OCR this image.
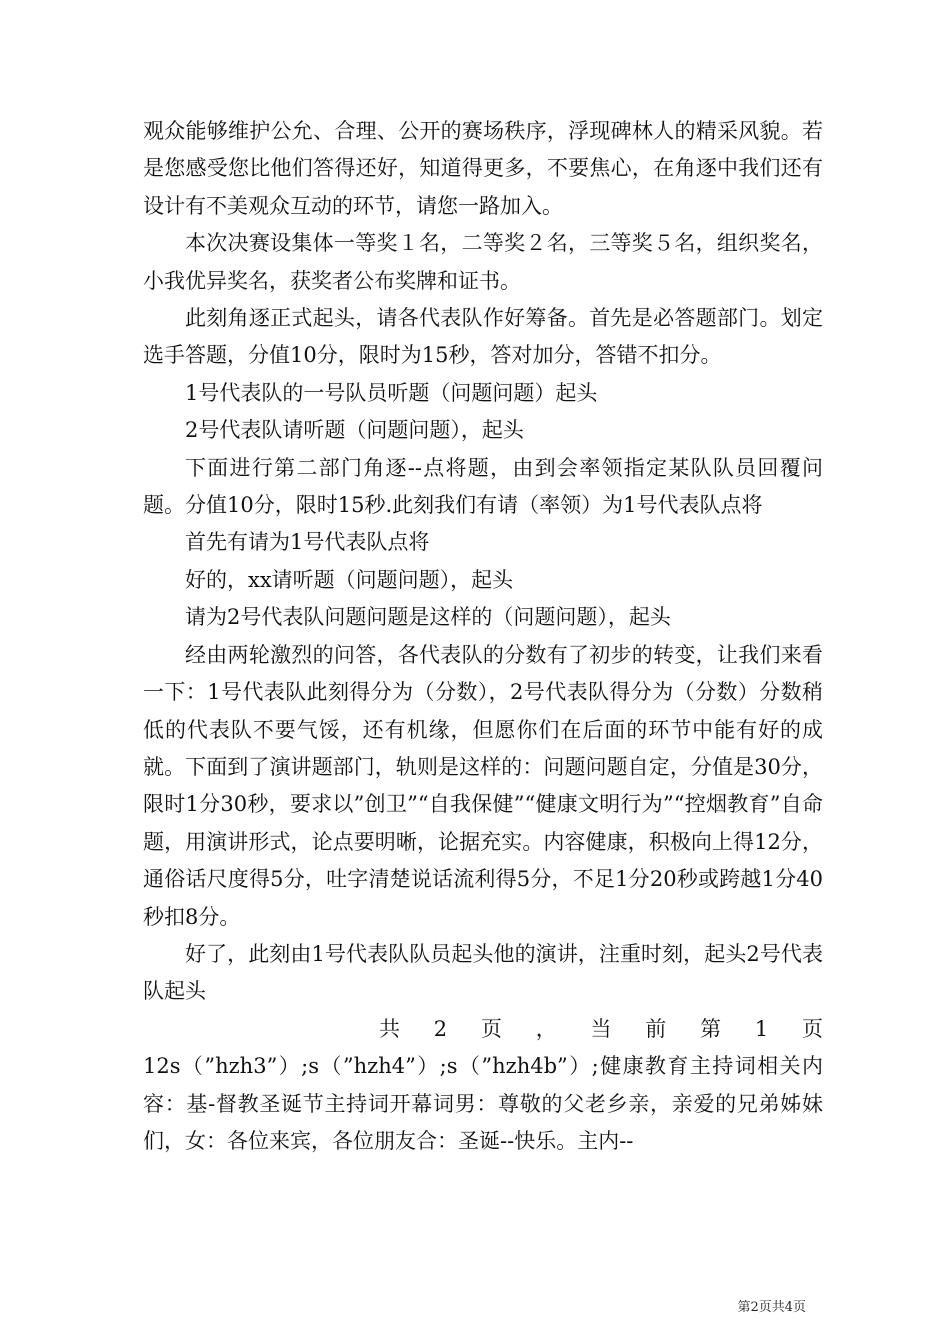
观众能够维护公允、合理、公开的赛场秩序，浮现碑林人的精采风貌。若是您感受您比他们答得还好，知道得更多，不要焦心，在角逐中我们还有设计有不美观众互动的环节，请您一路加入。

本次决赛设集体一等奖１名，二等奖２名，三等奖５名，组织奖名，小我优异奖名，获奖者公布奖牌和证书。

此刻角逐正式起头，请各代表队作好筹备。首先是必答题部门。划定选手答题，分值10分，限时为15秒，答对加分，答错不扣分。

1号代表队的一号队员听题（问题问题）起头

2号代表队请听题（问题问题），起头

下面进行第二部门角逐--点将题，由到会率领指定某队队员回覆问题。分值10分，限时15秒.此刻我们有请（率领）为1号代表队点将

首先有请为1号代表队点将

好的，xx请听题（问题问题），起头

请为2号代表队问题问题是这样的（问题问题），起头

经由两轮激烈的问答，各代表队的分数有了初步的转变，让我们来看一下：1号代表队此刻得分为（分数），2号代表队得分为（分数）分数稍低的代表队不要气馁，还有机缘，但愿你们在后面的环节中能有好的成就。下面到了演讲题部门，轨则是这样的：问题问题自定，分值是30分，限时1分30秒，要求以”创卫”“自我保健”“健康文明行为”“控烟教育”自命题，用演讲形式，论点要明晰，论据充实。内容健康，积极向上得12分，通俗话尺度得5分，吐字清楚说话流利得5分，不足1分20秒或跨越1分40秒扣8分。

好了，此刻由1号代表队队员起头他的演讲，注重时刻，起头2号代表队起头

共 2 页 ， 当 前 第 1 页

12s（”hzh3”）;s（”hzh4”）;s（”hzh4b”）;健康教育主持词相关内容：基-督教圣诞节主持词开幕词男：尊敬的父老乡亲，亲爱的兄弟姊妹们，女：各位来宾，各位朋友合：圣诞--快乐。主内--

第2页共4页
